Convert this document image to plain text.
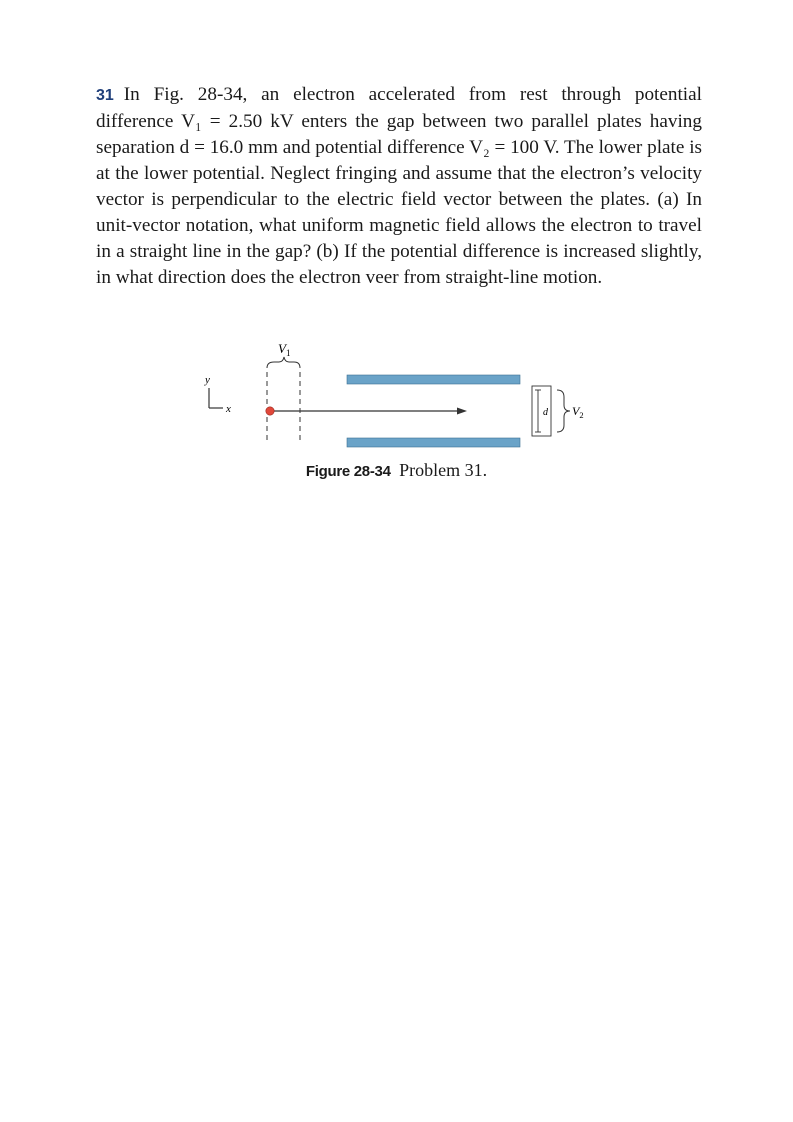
31 In Fig. 28-34, an electron accelerated from rest through potential difference V₁ = 2.50 kV enters the gap between two parallel plates having separation d = 16.0 mm and potential difference V₂ = 100 V. The lower plate is at the lower potential. Neglect fringing and assume that the electron’s velocity vector is perpendicular to the electric field vector between the plates. (a) In unit-vector notation, what uniform magnetic field allows the electron to travel in a straight line in the gap? (b) If the potential difference is increased slightly, in what direction does the electron veer from straight-line motion.
y
x
$V_1$
d $V_2$
Figure 28-34 Problem 31.
